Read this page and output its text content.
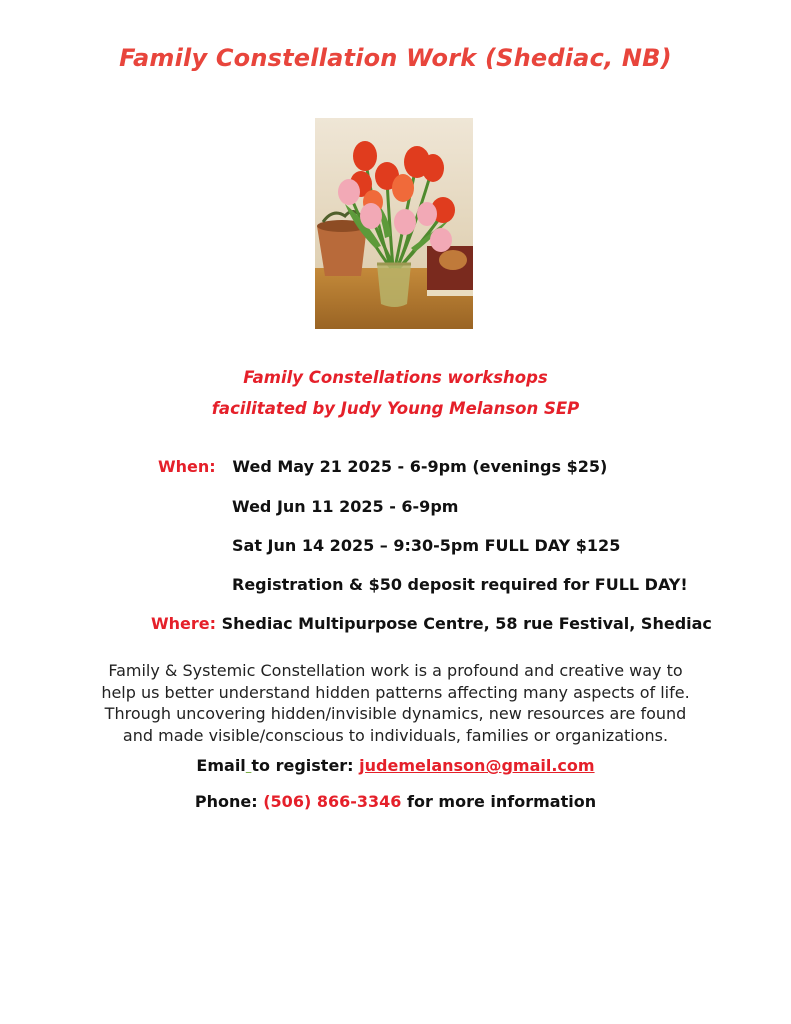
Family Constellation Work (Shediac, NB)
Family Constellations workshops
facilitated by Judy Young Melanson SEP
When: Wed May 21 2025 - 6-9pm (evenings $25)
Wed Jun 11 2025 - 6-9pm
Sat Jun 14 2025 – 9:30-5pm FULL DAY $125
Registration & $50 deposit required for FULL DAY!
Where: Shediac Multipurpose Centre, 58 rue Festival, Shediac
Family & Systemic Constellation work is a profound and creative way to
help us better understand hidden patterns affecting many aspects of life.
Through uncovering hidden/invisible dynamics, new resources are found
and made visible/conscious to individuals, families or organizations.
Email to register: judemelanson@gmail.com
Phone: (506) 866-3346 for more information
